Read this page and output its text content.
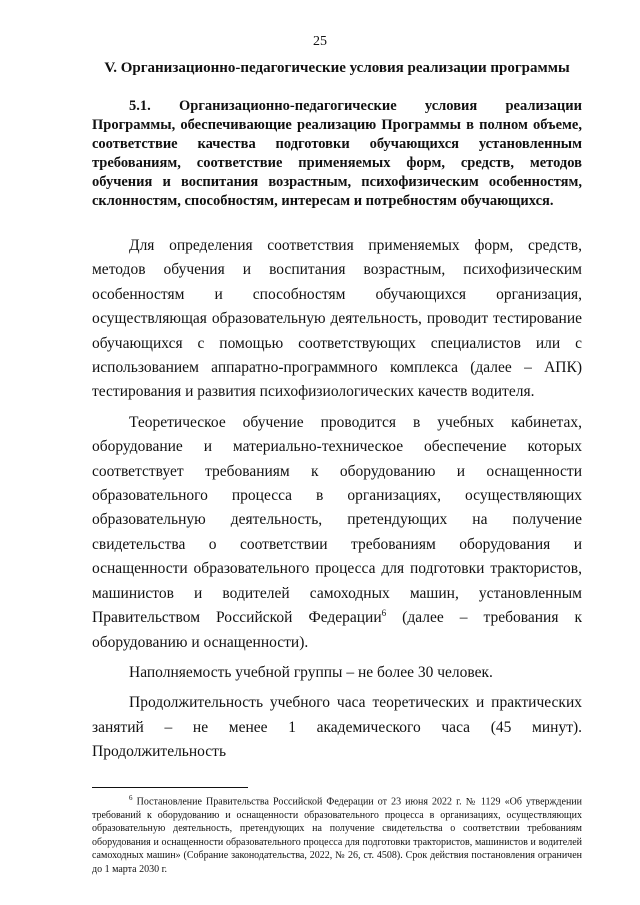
25
V. Организационно-педагогические условия реализации программы

5.1. Организационно-педагогические условия реализации Программы, обеспечивающие реализацию Программы в полном объеме, соответствие качества подготовки обучающихся установленным требованиям, соответствие применяемых форм, средств, методов обучения и воспитания возрастным, психофизическим особенностям, склонностям, способностям, интересам и потребностям обучающихся.

Для определения соответствия применяемых форм, средств, методов обучения и воспитания возрастным, психофизическим особенностям и способностям обучающихся организация, осуществляющая образовательную деятельность, проводит тестирование обучающихся с помощью соответствующих специалистов или с использованием аппаратно-программного комплекса (далее – АПК) тестирования и развития психофизиологических качеств водителя.

Теоретическое обучение проводится в учебных кабинетах, оборудование и материально-техническое обеспечение которых соответствует требованиям к оборудованию и оснащенности образовательного процесса в организациях, осуществляющих образовательную деятельность, претендующих на получение свидетельства о соответствии требованиям оборудования и оснащенности образовательного процесса для подготовки трактористов, машинистов и водителей самоходных машин, установленным Правительством Российской Федерации$^6$ (далее – требования к оборудованию и оснащенности).

Наполняемость учебной группы – не более 30 человек.

Продолжительность учебного часа теоретических и практических занятий – не менее 1 академического часа (45 минут). Продолжительность

$^6$ Постановление Правительства Российской Федерации от 23 июня 2022 г. № 1129 «Об утверждении требований к оборудованию и оснащенности образовательного процесса в организациях, осуществляющих образовательную деятельность, претендующих на получение свидетельства о соответствии требованиям оборудования и оснащенности образовательного процесса для подготовки трактористов, машинистов и водителей самоходных машин» (Собрание законодательства, 2022, № 26, ст. 4508). Срок действия постановления ограничен до 1 марта 2030 г.
